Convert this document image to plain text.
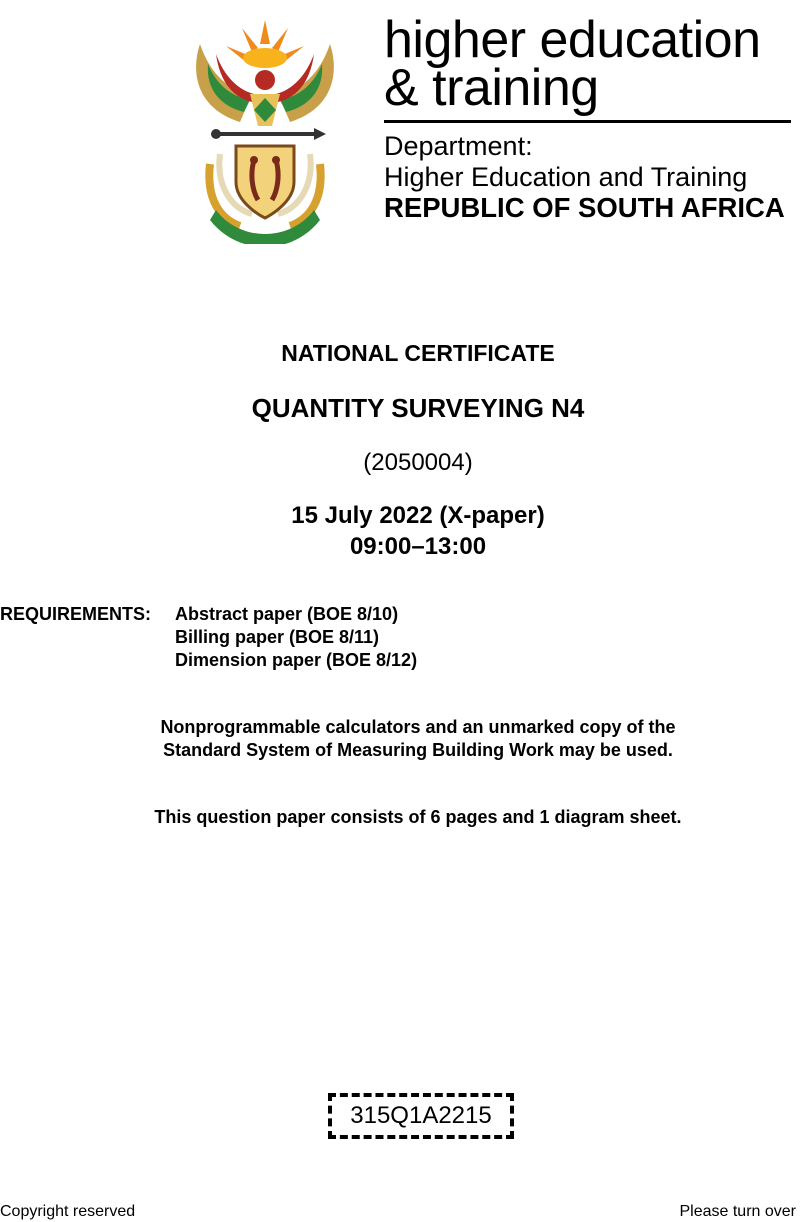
higher education
& training
Department:
Higher Education and Training
REPUBLIC OF SOUTH AFRICA
NATIONAL CERTIFICATE
QUANTITY SURVEYING N4
(2050004)
15 July 2022 (X-paper)
09:00–13:00
REQUIREMENTS: Abstract paper (BOE 8/10)
Billing paper (BOE 8/11)
Dimension paper (BOE 8/12)
Nonprogrammable calculators and an unmarked copy of the
Standard System of Measuring Building Work may be used.
This question paper consists of 6 pages and 1 diagram sheet.
315Q1A2215
Copyright reserved	Please turn over
